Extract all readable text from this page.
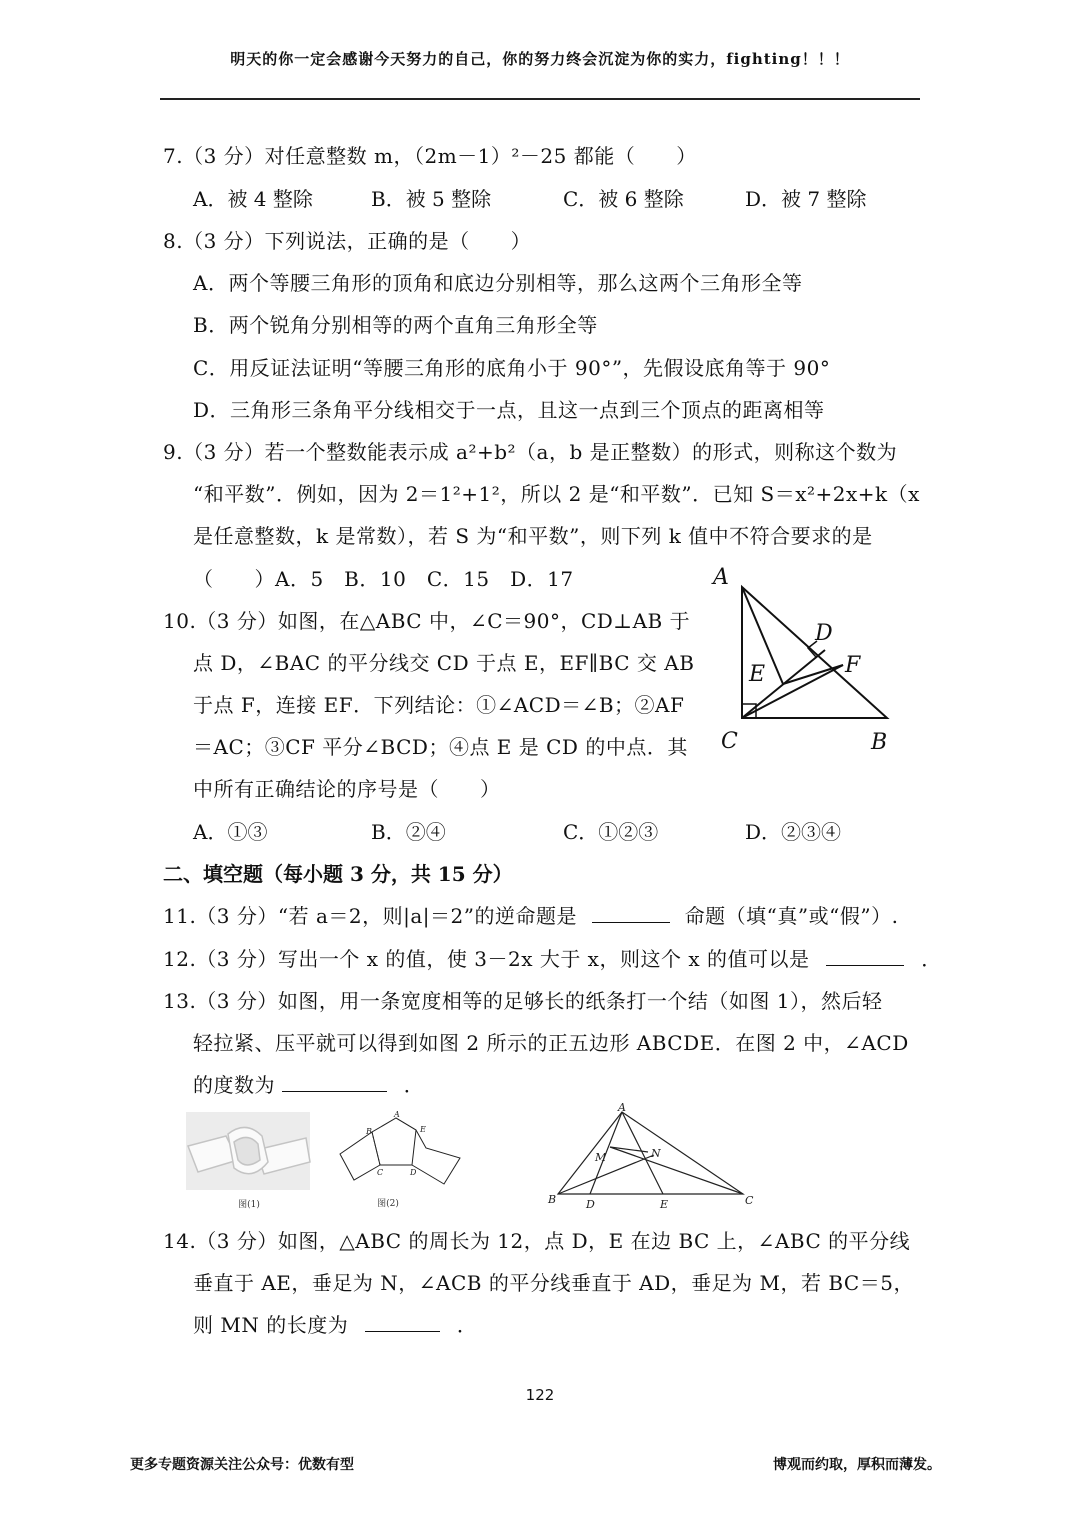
明天的你一定会感谢今天努力的自己，你的努力终会沉淀为你的实力，fighting！！！
7.（3 分）对任意整数 m，（2m－1）²－25 都能（　　）
A．被 4 整除	B．被 5 整除	C．被 6 整除	D．被 7 整除
8.（3 分）下列说法，正确的是（　　）
A．两个等腰三角形的顶角和底边分别相等，那么这两个三角形全等
B．两个锐角分别相等的两个直角三角形全等
C．用反证法证明“等腰三角形的底角小于 90°”，先假设底角等于 90°
D．三角形三条角平分线相交于一点，且这一点到三个顶点的距离相等
9.（3 分）若一个整数能表示成 a²+b²（a，b 是正整数）的形式，则称这个数为
“和平数”．例如，因为 2＝1²+1²，所以 2 是“和平数”．已知 S＝x²+2x+k（x
是任意整数，k 是常数），若 S 为“和平数”，则下列 k 值中不符合要求的是
（　　）A．5　B．10　C．15　D．17
10.（3 分）如图，在△ABC 中，∠C＝90°，CD⊥AB 于
点 D，∠BAC 的平分线交 CD 于点 E，EF∥BC 交 AB
于点 F，连接 EF．下列结论：①∠ACD＝∠B；②AF
＝AC；③CF 平分∠BCD；④点 E 是 CD 的中点．其
中所有正确结论的序号是（　　）
A．①③	B．②④	C．①②③	D．②③④
A
D
E	F
C	B
二、填空题（每小题 3 分，共 15 分）
11.（3 分）“若 a＝2，则|a|＝2”的逆命题是	命题（填“真”或“假”）.
12.（3 分）写出一个 x 的值，使 3－2x 大于 x，则这个 x 的值可以是	．
13.（3 分）如图，用一条宽度相等的足够长的纸条打一个结（如图 1），然后轻
轻拉紧、压平就可以得到如图 2 所示的正五边形 ABCDE．在图 2 中，∠ACD
的度数为	．
图(1)
A
B	E
C	D
图(2)
A
B	D	E	C
M	N
14.（3 分）如图，△ABC 的周长为 12，点 D，E 在边 BC 上，∠ABC 的平分线
垂直于 AE，垂足为 N，∠ACB 的平分线垂直于 AD，垂足为 M，若 BC＝5，
则 MN 的长度为	．
122
更多专题资源关注公众号：优数有型	博观而约取，厚积而薄发。
